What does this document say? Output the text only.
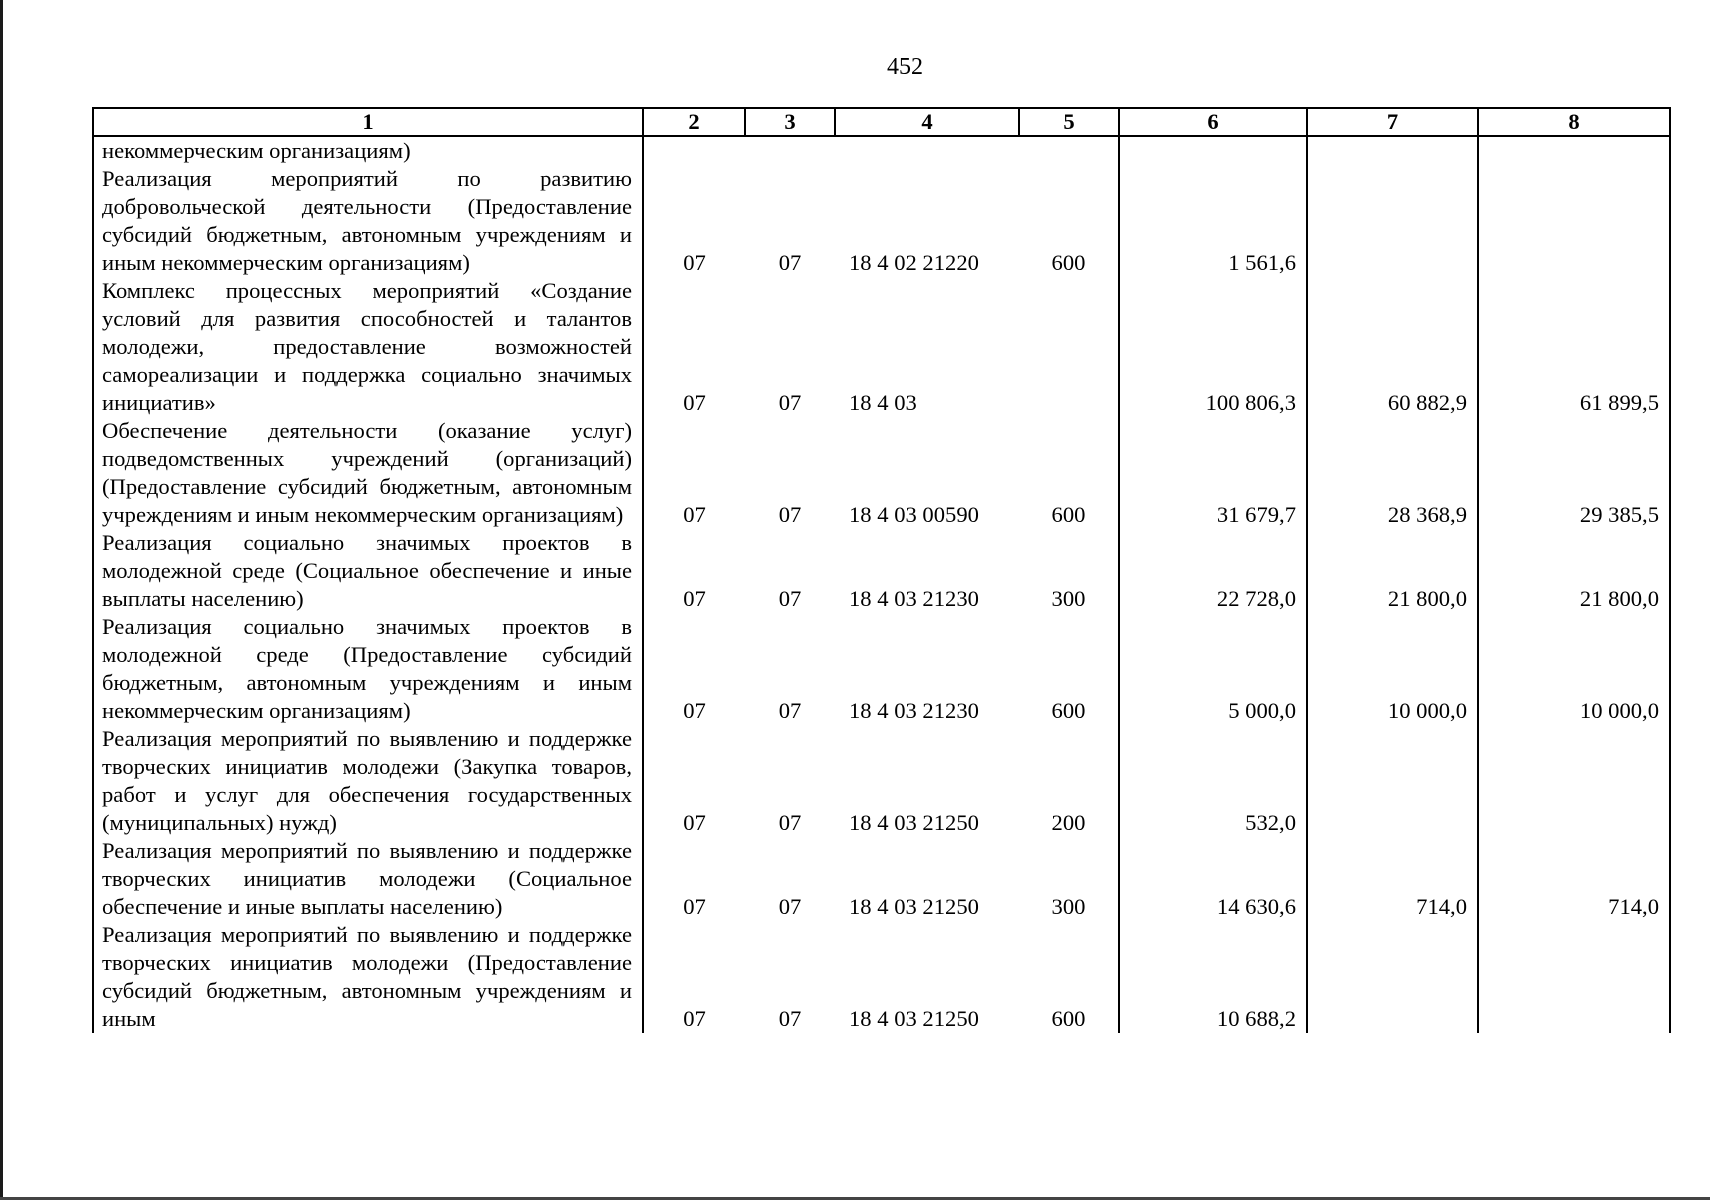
452
1	2	3	4	5	6	7	8
некоммерческим организациям)							
Реализация мероприятий по развитию добровольческой деятельности (Предоставление субсидий бюджетным, автономным учреждениям и иным некоммерческим организациям)	07	07	18 4 02 21220	600	1 561,6		
Комплекс процессных мероприятий «Создание условий для развития способностей и талантов молодежи, предоставление возможностей самореализации и поддержка социально значимых инициатив»	07	07	18 4 03		100 806,3	60 882,9	61 899,5
Обеспечение деятельности (оказание услуг) подведомственных учреждений (организаций) (Предоставление субсидий бюджетным, автономным учреждениям и иным некоммерческим организациям)	07	07	18 4 03 00590	600	31 679,7	28 368,9	29 385,5
Реализация социально значимых проектов в молодежной среде (Социальное обеспечение и иные выплаты населению)	07	07	18 4 03 21230	300	22 728,0	21 800,0	21 800,0
Реализация социально значимых проектов в молодежной среде (Предоставление субсидий бюджетным, автономным учреждениям и иным некоммерческим организациям)	07	07	18 4 03 21230	600	5 000,0	10 000,0	10 000,0
Реализация мероприятий по выявлению и поддержке творческих инициатив молодежи (Закупка товаров, работ и услуг для обеспечения государственных (муниципальных) нужд)	07	07	18 4 03 21250	200	532,0		
Реализация мероприятий по выявлению и поддержке творческих инициатив молодежи (Социальное обеспечение и иные выплаты населению)	07	07	18 4 03 21250	300	14 630,6	714,0	714,0
Реализация мероприятий по выявлению и поддержке творческих инициатив молодежи (Предоставление субсидий бюджетным, автономным учреждениям и иным	07	07	18 4 03 21250	600	10 688,2		
